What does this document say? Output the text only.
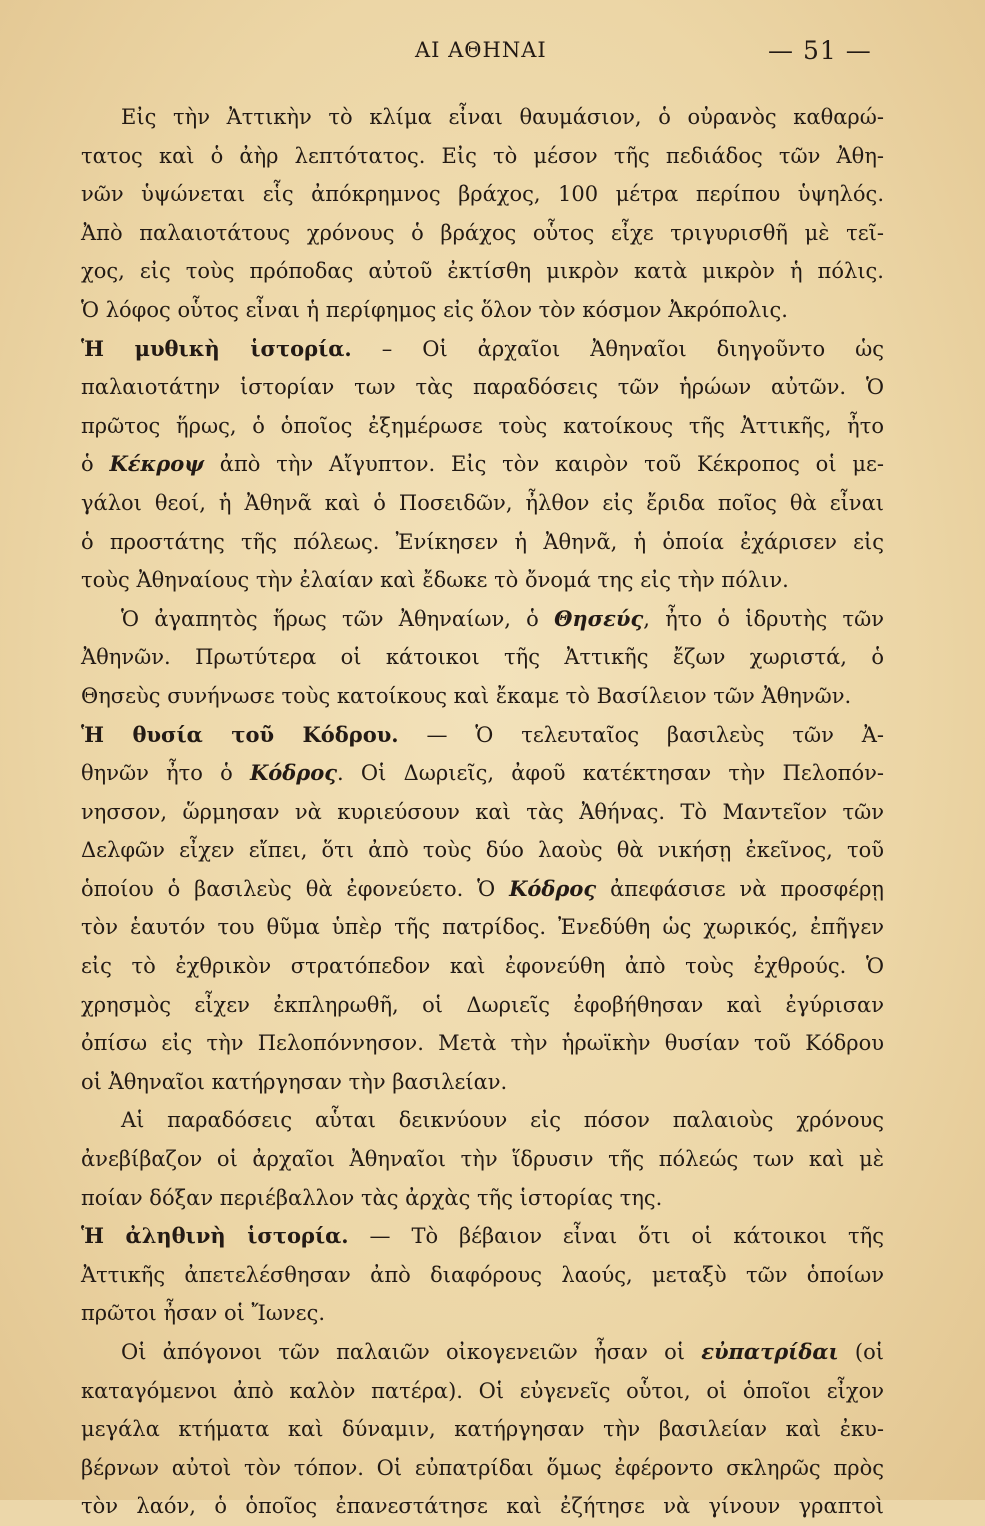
ΑΙ ΑΘΗΝΑΙ	— 51 —
Εἰς τὴν Ἀττικὴν τὸ κλίμα εἶναι θαυμάσιον, ὁ οὐρανὸς καθαρώ-
τατος καὶ ὁ ἀὴρ λεπτότατος. Εἰς τὸ μέσον τῆς πεδιάδος τῶν Ἀθη-
νῶν ὑψώνεται εἷς ἀπόκρημνος βράχος, 100 μέτρα περίπου ὑψηλός.
Ἀπὸ παλαιοτάτους χρόνους ὁ βράχος οὗτος εἶχε τριγυρισθῆ μὲ τεῖ-
χος, εἰς τοὺς πρόποδας αὐτοῦ ἐκτίσθη μικρὸν κατὰ μικρὸν ἡ πόλις.
Ὁ λόφος οὗτος εἶναι ἡ περίφημος εἰς ὅλον τὸν κόσμον Ἀκρόπολις.
Ἡ μυθικὴ ἱστορία. – Οἱ ἀρχαῖοι Ἀθηναῖοι διηγοῦντο ὡς
παλαιοτάτην ἱστορίαν των τὰς παραδόσεις τῶν ἡρώων αὐτῶν. Ὁ
πρῶτος ἥρως, ὁ ὁποῖος ἐξημέρωσε τοὺς κατοίκους τῆς Ἀττικῆς, ἦτο
ὁ Κέκροψ ἀπὸ τὴν Αἴγυπτον. Εἰς τὸν καιρὸν τοῦ Κέκροπος οἱ με-
γάλοι θεοί, ἡ Ἀθηνᾶ καὶ ὁ Ποσειδῶν, ἦλθον εἰς ἔριδα ποῖος θὰ εἶναι
ὁ προστάτης τῆς πόλεως. Ἐνίκησεν ἡ Ἀθηνᾶ, ἡ ὁποία ἐχάρισεν εἰς
τοὺς Ἀθηναίους τὴν ἐλαίαν καὶ ἔδωκε τὸ ὄνομά της εἰς τὴν πόλιν.
Ὁ ἀγαπητὸς ἥρως τῶν Ἀθηναίων, ὁ Θησεύς, ἦτο ὁ ἱδρυτὴς τῶν
Ἀθηνῶν. Πρωτύτερα οἱ κάτοικοι τῆς Ἀττικῆς ἔζων χωριστά, ὁ
Θησεὺς συνήνωσε τοὺς κατοίκους καὶ ἔκαμε τὸ Βασίλειον τῶν Ἀθηνῶν.
Ἡ θυσία τοῦ Κόδρου. — Ὁ τελευταῖος βασιλεὺς τῶν Ἀ-
θηνῶν ἦτο ὁ Κόδρος. Οἱ Δωριεῖς, ἀφοῦ κατέκτησαν τὴν Πελοπόν-
νησσον, ὥρμησαν νὰ κυριεύσουν καὶ τὰς Ἀθήνας. Τὸ Μαντεῖον τῶν
Δελφῶν εἶχεν εἴπει, ὅτι ἀπὸ τοὺς δύο λαοὺς θὰ νικήσῃ ἐκεῖνος, τοῦ
ὁποίου ὁ βασιλεὺς θὰ ἐφονεύετο. Ὁ Κόδρος ἀπεφάσισε νὰ προσφέρῃ
τὸν ἑαυτόν του θῦμα ὑπὲρ τῆς πατρίδος. Ἐνεδύθη ὡς χωρικός, ἐπῆγεν
εἰς τὸ ἐχθρικὸν στρατόπεδον καὶ ἐφονεύθη ἀπὸ τοὺς ἐχθρούς. Ὁ
χρησμὸς εἶχεν ἐκπληρωθῆ, οἱ Δωριεῖς ἐφοβήθησαν καὶ ἐγύρισαν
ὀπίσω εἰς τὴν Πελοπόννησον. Μετὰ τὴν ἡρωϊκὴν θυσίαν τοῦ Κόδρου
οἱ Ἀθηναῖοι κατήργησαν τὴν βασιλείαν.
Αἱ παραδόσεις αὗται δεικνύουν εἰς πόσον παλαιοὺς χρόνους
ἀνεβίβαζον οἱ ἀρχαῖοι Ἀθηναῖοι τὴν ἵδρυσιν τῆς πόλεώς των καὶ μὲ
ποίαν δόξαν περιέβαλλον τὰς ἀρχὰς τῆς ἱστορίας της.
Ἡ ἀληθινὴ ἱστορία. — Τὸ βέβαιον εἶναι ὅτι οἱ κάτοικοι τῆς
Ἀττικῆς ἀπετελέσθησαν ἀπὸ διαφόρους λαούς, μεταξὺ τῶν ὁποίων
πρῶτοι ἦσαν οἱ Ἴωνες.
Οἱ ἀπόγονοι τῶν παλαιῶν οἰκογενειῶν ἦσαν οἱ εὐπατρίδαι (οἱ
καταγόμενοι ἀπὸ καλὸν πατέρα). Οἱ εὐγενεῖς οὗτοι, οἱ ὁποῖοι εἶχον
μεγάλα κτήματα καὶ δύναμιν, κατήργησαν τὴν βασιλείαν καὶ ἐκυ-
βέρνων αὐτοὶ τὸν τόπον. Οἱ εὐπατρίδαι ὅμως ἐφέροντο σκληρῶς πρὸς
τὸν λαόν, ὁ ὁποῖος ἐπανεστάτησε καὶ ἐζήτησε νὰ γίνουν γραπτοὶ
